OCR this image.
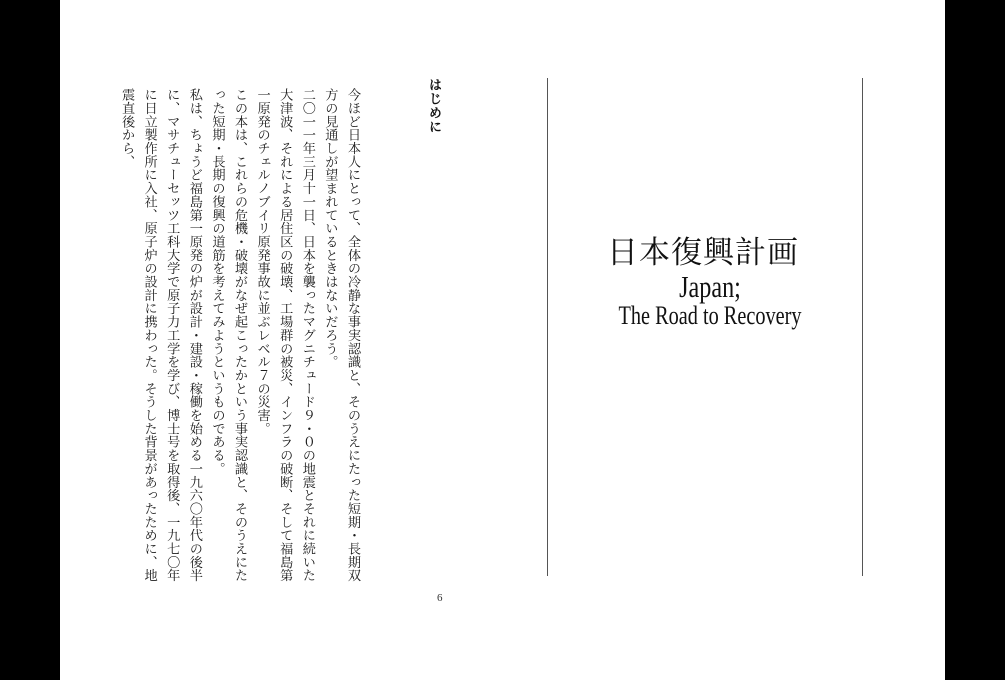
はじめに

今ほど日本人にとって、全体の冷静な事実認識と、そのうえにたった短期・長期双方の見通しが望まれているときはないだろう。

二〇一一年三月十一日、日本を襲ったマグニチュード９・０の地震とそれに続いた大津波、それによる居住区の破壊、工場群の被災、インフラの破断、そして福島第一原発のチェルノブイリ原発事故に並ぶレベル７の災害。

この本は、これらの危機・破壊がなぜ起こったかという事実認識と、そのうえにたった短期・長期の復興の道筋を考えてみようというものである。

私は、ちょうど福島第一原発の炉が設計・建設・稼働を始める一九六〇年代の後半に、マサチューセッツ工科大学で原子力工学を学び、博士号を取得後、一九七〇年に日立製作所に入社、原子炉の設計に携わった。そうした背景があったために、地震直後から、

日本復興計画
Japan;
The Road to Recovery
6
